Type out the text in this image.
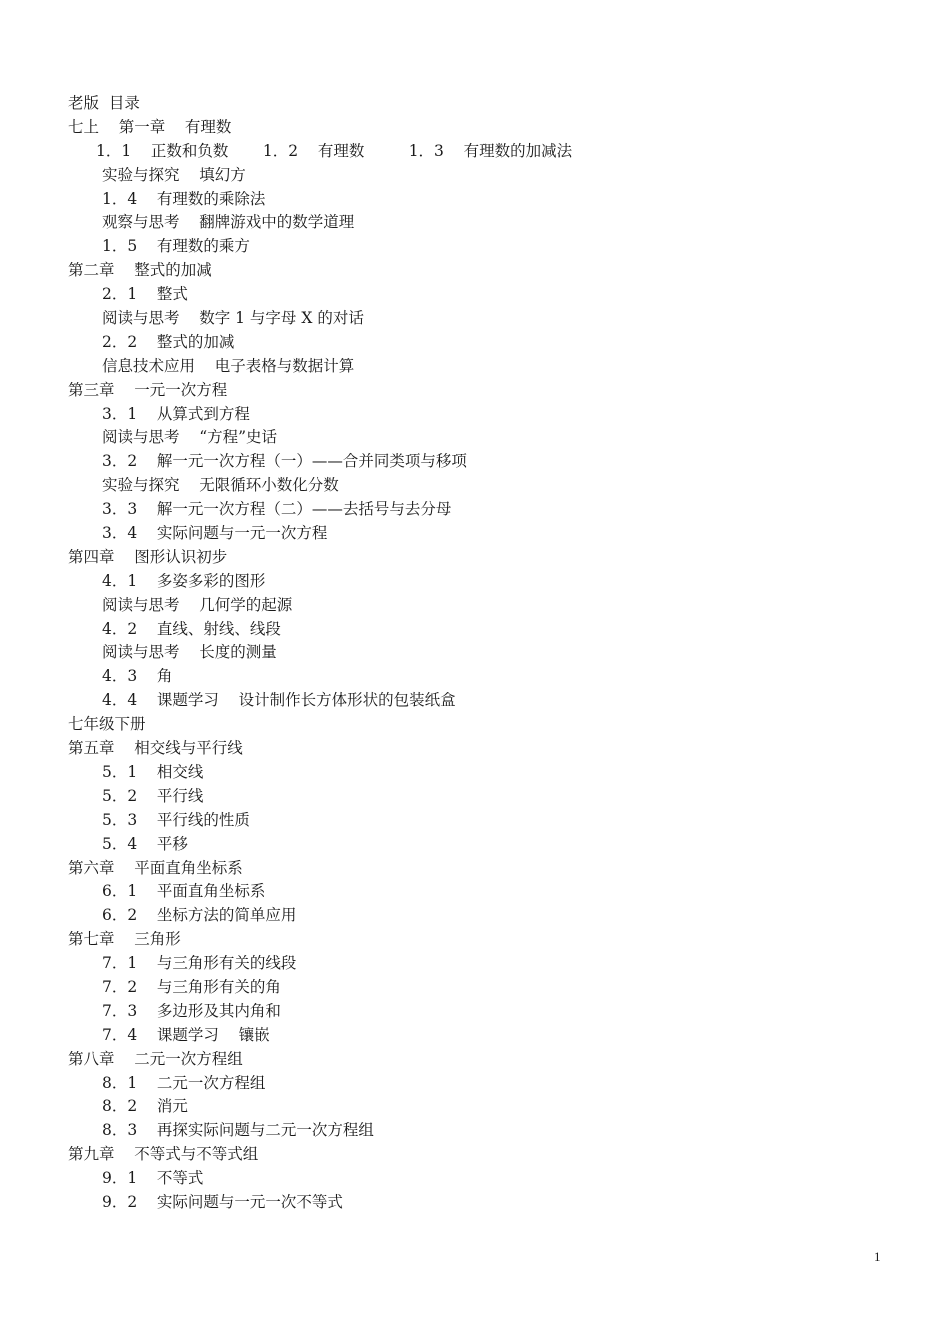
老版  目录
七上    第一章    有理数
1．1    正数和负数       1．2    有理数         1．3    有理数的加减法
实验与探究    填幻方
1．4    有理数的乘除法
观察与思考    翻牌游戏中的数学道理
1．5    有理数的乘方
第二章    整式的加减
2．1    整式
阅读与思考    数字 1 与字母 X 的对话
2．2    整式的加减
信息技术应用    电子表格与数据计算
第三章    一元一次方程
3．1    从算式到方程
阅读与思考    “方程”史话
3．2    解一元一次方程（一）——合并同类项与移项
实验与探究    无限循环小数化分数
3．3    解一元一次方程（二）——去括号与去分母
3．4    实际问题与一元一次方程
第四章    图形认识初步
4．1    多姿多彩的图形
阅读与思考    几何学的起源
4．2    直线、射线、线段
阅读与思考    长度的测量
4．3    角
4．4    课题学习    设计制作长方体形状的包装纸盒
七年级下册
第五章    相交线与平行线
5．1    相交线
5．2    平行线
5．3    平行线的性质
5．4    平移
第六章    平面直角坐标系
6．1    平面直角坐标系
6．2    坐标方法的简单应用
第七章    三角形
7．1    与三角形有关的线段
7．2    与三角形有关的角
7．3    多边形及其内角和
7．4    课题学习    镶嵌
第八章    二元一次方程组
8．1    二元一次方程组
8．2    消元
8．3    再探实际问题与二元一次方程组
第九章    不等式与不等式组
9．1    不等式
9．2    实际问题与一元一次不等式
1
